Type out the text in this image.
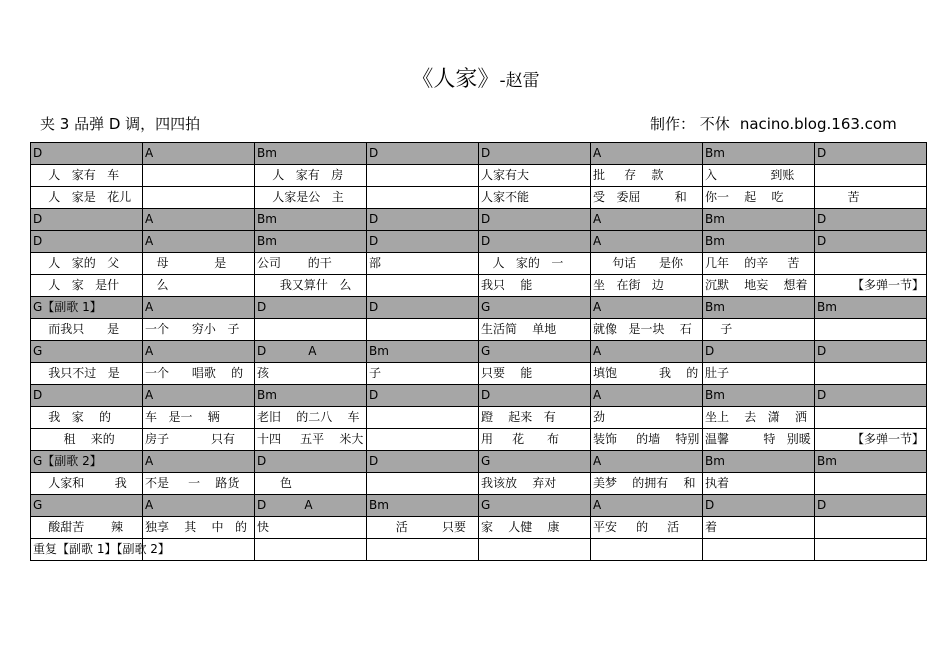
《人家》-赵雷
夹 3 品弹 D 调，四四拍	制作： 不休 nacino.blog.163.com
D	A	Bm	D	D	A	Bm	D
人   家有   车		人   家有   房		人家有大	批     存    款	入              到账	
人   家是   花儿		人家是公   主		人家不能	受   委屈         和	你一    起    吃	苦
D	A	Bm	D	D	A	Bm	D
D	A	Bm	D	D	A	Bm	D
人   家的   父	母            是	公司       的干	部	人   家的   一	句话      是你	几年    的辛     苦	
人   家   是什	么	我又算什   么		我只    能	坐   在街   边	沉默    地妄    想着	【多弹一节】
G【副歌 1】	A	D	D	G	A	Bm	Bm
而我只      是	一个      穷小   子			生活简    单地	就像   是一块    石	子	
G	A	D           A	Bm	G	A	D	D
我只不过   是	一个      唱歌    的	孩	子	只要    能	填饱           我    的	肚子	
D	A	Bm	D	D	A	Bm	D
我   家    的	车   是一    辆	老旧    的二八    车		蹬    起来   有	劲	坐上    去   潇    洒	
租    来的	房子           只有	十四     五平    米大		用     花      布	装饰     的墙    特别	温馨         特   别暖	【多弹一节】
G【副歌 2】	A	D	D	G	A	Bm	Bm
人家和        我	不是     一    路货	色		我该放    弃对	美梦    的拥有    和	执着	
G	A	D          A	Bm	G	A	D	D
酸甜苦       辣	独享    其    中   的	快	活         只要	家    人健    康	平安     的     活	着	
重复【副歌 1】【副歌 2】							
